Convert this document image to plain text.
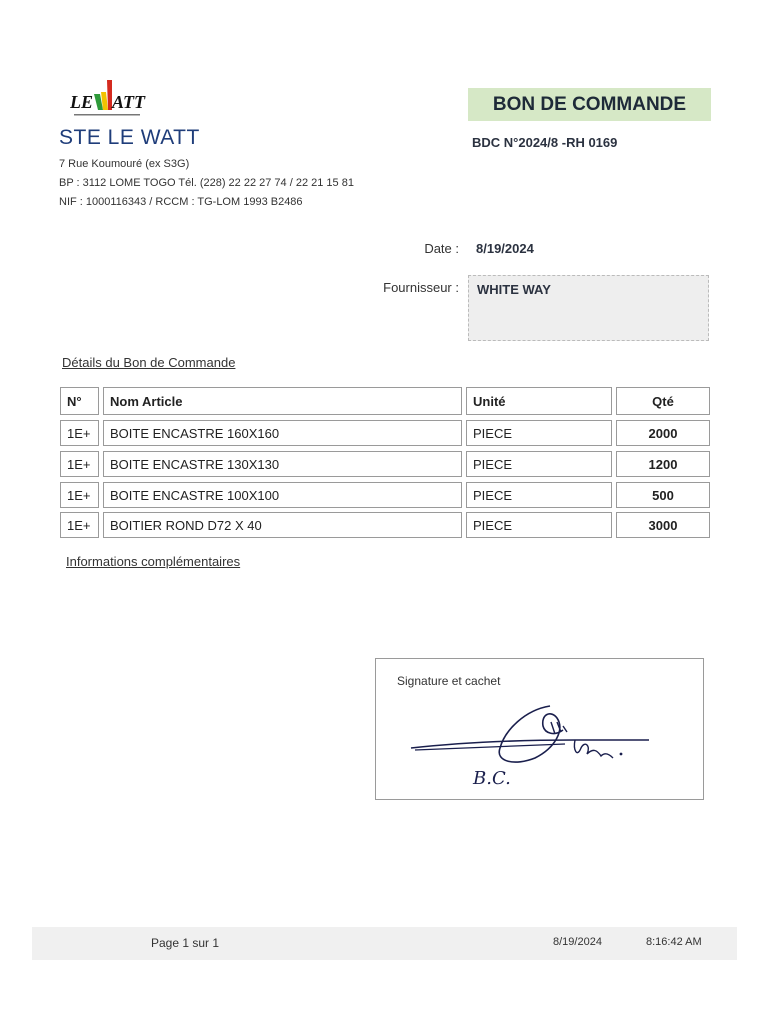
LE ATT
STE LE WATT
7 Rue Koumouré (ex S3G)
BP : 3112 LOME TOGO Tél. (228) 22 22 27 74 / 22 21 15 81
NIF : 1000116343 / RCCM : TG-LOM 1993 B2486
BON DE COMMANDE
BDC N°2024/8 -RH 0169
Date : 8/19/2024
Fournisseur : WHITE WAY
Détails du Bon de Commande
N°	Nom Article	Unité	Qté
1E+	BOITE ENCASTRE 160X160	PIECE	2000
1E+	BOITE ENCASTRE 130X130	PIECE	1200
1E+	BOITE ENCASTRE 100X100	PIECE	500
1E+	BOITIER ROND D72 X 40	PIECE	3000
Informations complémentaires
Signature et cachet
B.C.
Page 1 sur 1	8/19/2024	8:16:42 AM
